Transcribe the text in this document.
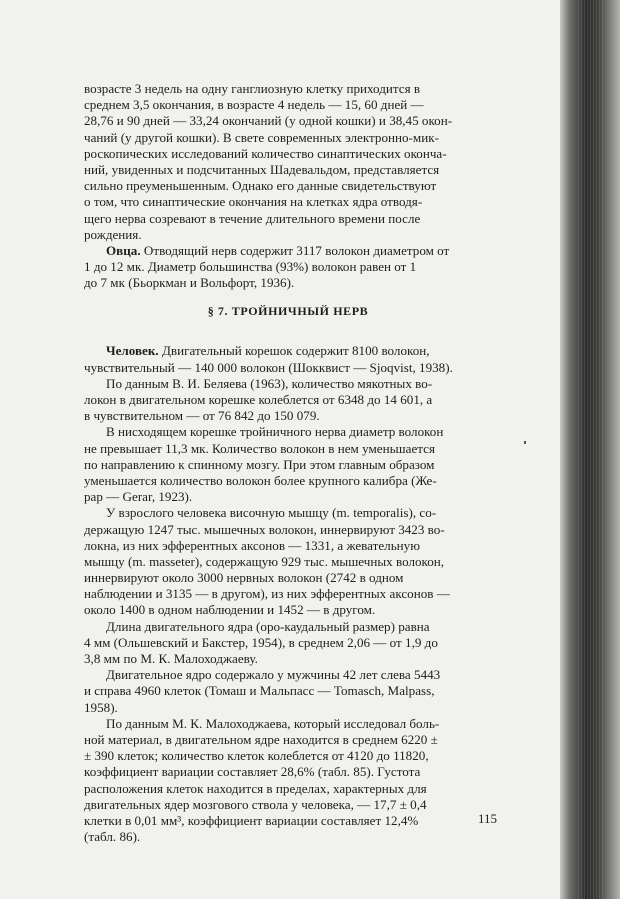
возрасте 3 недель на одну ганглиозную клетку приходится в
среднем 3,5 окончания, в возрасте 4 недель — 15, 60 дней —
28,76 и 90 дней — 33,24 окончаний (у одной кошки) и 38,45 окон-
чаний (у другой кошки). В свете современных электронно-мик-
роскопических исследований количество синаптических оконча-
ний, увиденных и подсчитанных Шадевальдом, представляется
сильно преуменьшенным. Однако его данные свидетельствуют
о том, что синаптические окончания на клетках ядра отводя-
щего нерва созревают в течение длительного времени после
рождения.
Овца. Отводящий нерв содержит 3117 волокон диаметром от
1 до 12 мк. Диаметр большинства (93%) волокон равен от 1
до 7 мк (Бьоркман и Вольфорт, 1936).
§ 7. ТРОЙНИЧНЫЙ НЕРВ
Человек. Двигательный корешок содержит 8100 волокон,
чувствительный — 140 000 волокон (Шокквист — Sjoqvist, 1938).
По данным В. И. Беляева (1963), количество мякотных во-
локон в двигательном корешке колеблется от 6348 до 14 601, а
в чувствительном — от 76 842 до 150 079.
В нисходящем корешке тройничного нерва диаметр волокон
не превышает 11,3 мк. Количество волокон в нем уменьшается
по направлению к спинному мозгу. При этом главным образом
уменьшается количество волокон более крупного калибра (Же-
рар — Gerar, 1923).
У взрослого человека височную мышцу (m. temporalis), со-
держащую 1247 тыс. мышечных волокон, иннервируют 3423 во-
локна, из них эфферентных аксонов — 1331, а жевательную
мышцу (m. masseter), содержащую 929 тыс. мышечных волокон,
иннервируют около 3000 нервных волокон (2742 в одном
наблюдении и 3135 — в другом), из них эфферентных аксонов —
около 1400 в одном наблюдении и 1452 — в другом.
Длина двигательного ядра (оро-каудальный размер) равна
4 мм (Ольшевский и Бакстер, 1954), в среднем 2,06 — от 1,9 до
3,8 мм по М. К. Малоходжаеву.
Двигательное ядро содержало у мужчины 42 лет слева 5443
и справа 4960 клеток (Томаш и Мальпасс — Tomasch, Malpass,
1958).
По данным М. К. Малоходжаева, который исследовал боль-
ной материал, в двигательном ядре находится в среднем 6220 ±
± 390 клеток; количество клеток колеблется от 4120 до 11820,
коэффициент вариации составляет 28,6% (табл. 85). Густота
расположения клеток находится в пределах, характерных для
двигательных ядер мозгового ствола у человека, — 17,7 ± 0,4
клетки в 0,01 мм³, коэффициент вариации составляет 12,4%
(табл. 86).
115
